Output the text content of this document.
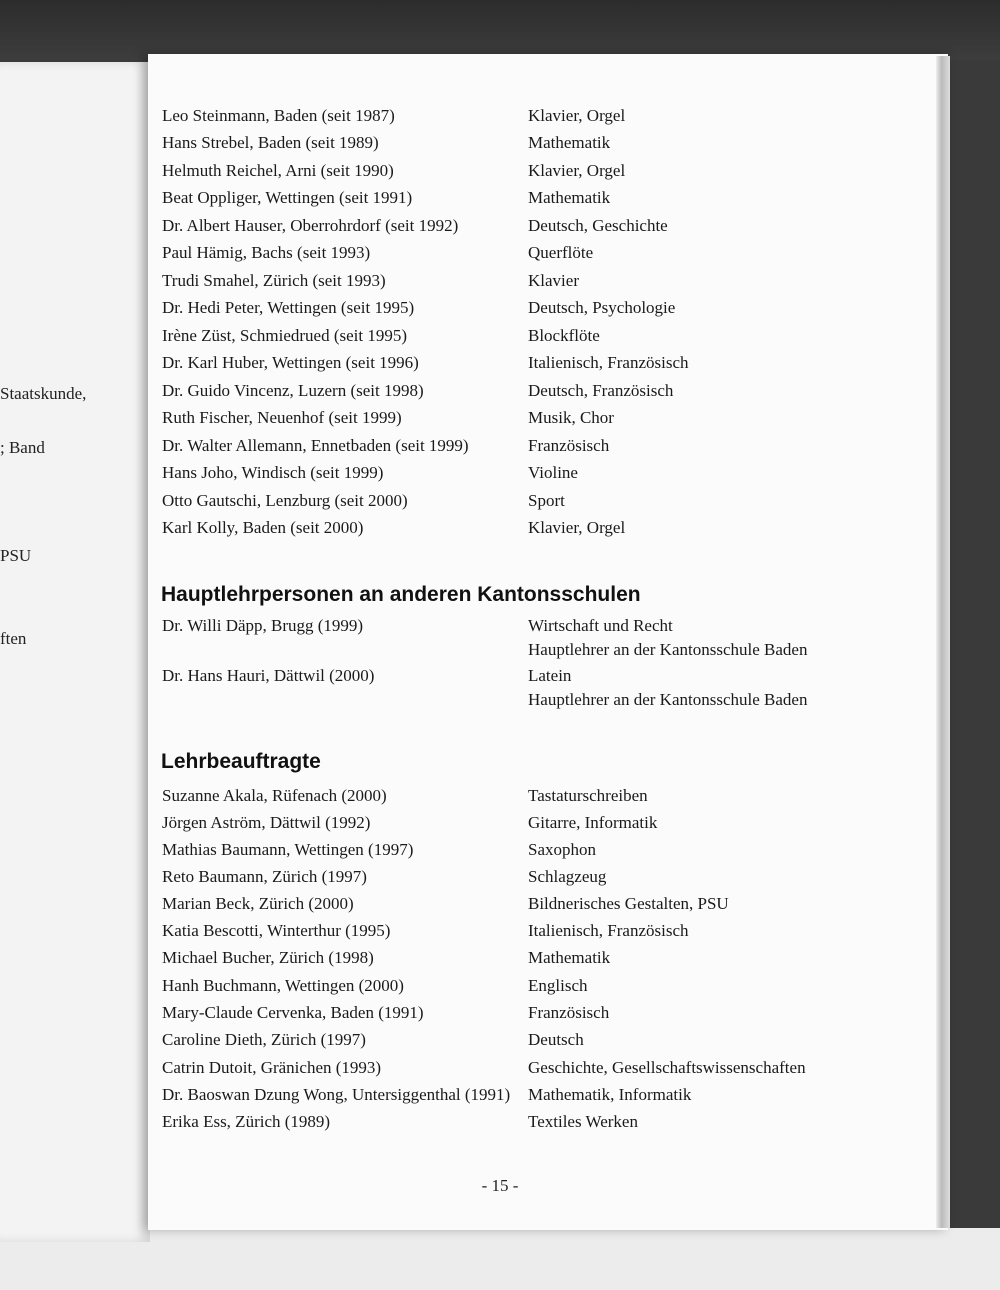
Staatskunde,
; Band
PSU
ften
Leo Steinmann, Baden (seit 1987)	Klavier, Orgel
Hans Strebel, Baden (seit 1989)	Mathematik
Helmuth Reichel, Arni (seit 1990)	Klavier, Orgel
Beat Oppliger, Wettingen (seit 1991)	Mathematik
Dr. Albert Hauser, Oberrohrdorf (seit 1992)	Deutsch, Geschichte
Paul Hämig, Bachs (seit 1993)	Querflöte
Trudi Smahel, Zürich (seit 1993)	Klavier
Dr. Hedi Peter, Wettingen (seit 1995)	Deutsch, Psychologie
Irène Züst, Schmiedrued (seit 1995)	Blockflöte
Dr. Karl Huber, Wettingen (seit 1996)	Italienisch, Französisch
Dr. Guido Vincenz, Luzern (seit 1998)	Deutsch, Französisch
Ruth Fischer, Neuenhof (seit 1999)	Musik, Chor
Dr. Walter Allemann, Ennetbaden (seit 1999)	Französisch
Hans Joho, Windisch (seit 1999)	Violine
Otto Gautschi, Lenzburg (seit 2000)	Sport
Karl Kolly, Baden (seit 2000)	Klavier, Orgel
Hauptlehrpersonen an anderen Kantonsschulen
Dr. Willi Däpp, Brugg (1999)	Wirtschaft und Recht
Hauptlehrer an der Kantonsschule Baden
Dr. Hans Hauri, Dättwil (2000)	Latein
Hauptlehrer an der Kantonsschule Baden
Lehrbeauftragte
Suzanne Akala, Rüfenach (2000)	Tastaturschreiben
Jörgen Aström, Dättwil (1992)	Gitarre, Informatik
Mathias Baumann, Wettingen (1997)	Saxophon
Reto Baumann, Zürich (1997)	Schlagzeug
Marian Beck, Zürich (2000)	Bildnerisches Gestalten, PSU
Katia Bescotti, Winterthur (1995)	Italienisch, Französisch
Michael Bucher, Zürich (1998)	Mathematik
Hanh Buchmann, Wettingen (2000)	Englisch
Mary-Claude Cervenka, Baden (1991)	Französisch
Caroline Dieth, Zürich (1997)	Deutsch
Catrin Dutoit, Gränichen (1993)	Geschichte, Gesellschaftswissenschaften
Dr. Baoswan Dzung Wong, Untersiggenthal (1991) Mathematik, Informatik
Erika Ess, Zürich (1989)	Textiles Werken
- 15 -
